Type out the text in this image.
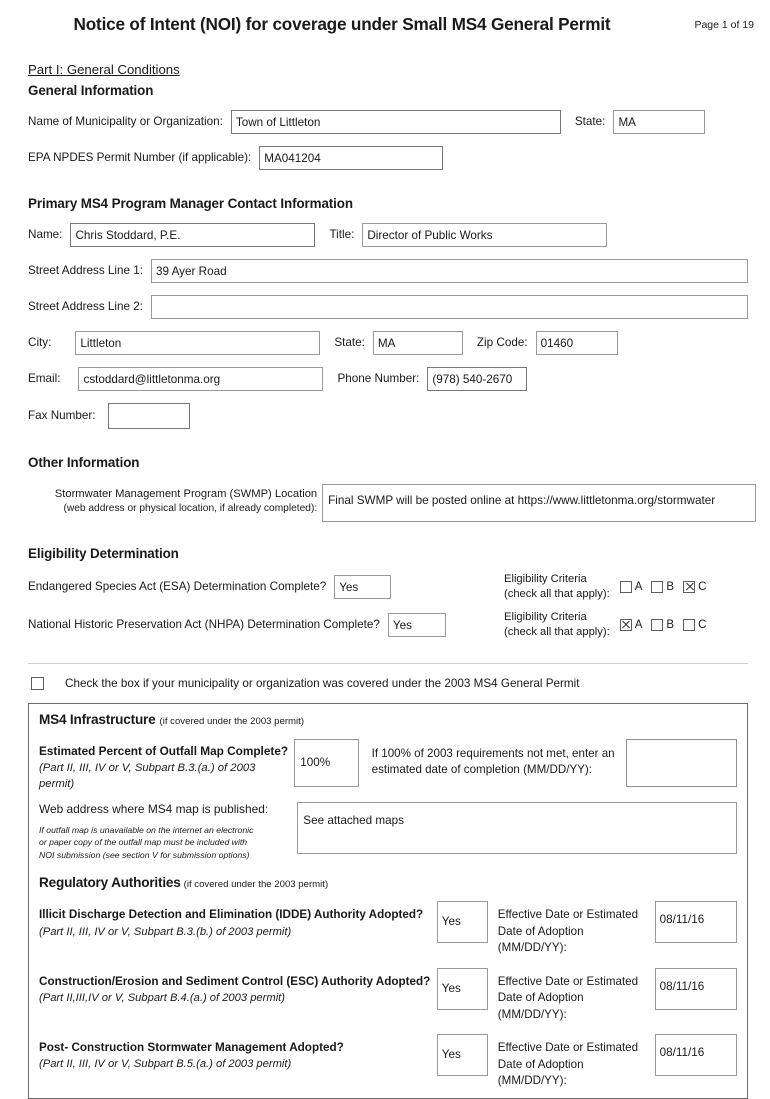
Notice of Intent (NOI) for coverage under Small MS4 General Permit	Page 1 of 19
Part I: General Conditions
General Information
Name of Municipality or Organization:	Town of Littleton	State:	MA
EPA NPDES Permit Number (if applicable):	MA041204
Primary MS4 Program Manager Contact Information
Name:	Chris Stoddard, P.E.	Title:	Director of Public Works
Street Address Line 1:	39 Ayer Road
Street Address Line 2:
City:	Littleton	State:	MA	Zip Code:	01460
Email:	cstoddard@littletonma.org	Phone Number:	(978) 540-2670
Fax Number:
Other Information
Stormwater Management Program (SWMP) Location
(web address or physical location, if already completed):
Final SWMP will be posted online at https://www.littletonma.org/stormwater
Eligibility Determination
Endangered Species Act (ESA) Determination Complete?	Yes
Eligibility Criteria
(check all that apply):
A B C
National Historic Preservation Act (NHPA) Determination Complete?	Yes
Eligibility Criteria
(check all that apply):
A B C
Check the box if your municipality or organization was covered under the 2003 MS4 General Permit
MS4 Infrastructure (if covered under the 2003 permit)
Estimated Percent of Outfall Map Complete?
(Part II, III, IV or V, Subpart B.3.(a.) of 2003 permit)
100%
If 100% of 2003 requirements not met, enter an
estimated date of completion (MM/DD/YY):
Web address where MS4 map is published:
If outfall map is unavailable on the internet an electronic
or paper copy of the outfall map must be included with
NOI submission (see section V for submission options)
See attached maps
Regulatory Authorities (if covered under the 2003 permit)
Illicit Discharge Detection and Elimination (IDDE) Authority Adopted?
(Part II, III, IV or V, Subpart B.3.(b.) of 2003 permit)
Yes
Effective Date or Estimated
Date of Adoption (MM/DD/YY):
08/11/16
Construction/Erosion and Sediment Control (ESC) Authority Adopted?
(Part II,III,IV or V, Subpart B.4.(a.) of 2003 permit)
Yes
Effective Date or Estimated
Date of Adoption (MM/DD/YY):
08/11/16
Post- Construction Stormwater Management Adopted?
(Part II, III, IV or V, Subpart B.5.(a.) of 2003 permit)
Yes
Effective Date or Estimated
Date of Adoption (MM/DD/YY):
08/11/16
